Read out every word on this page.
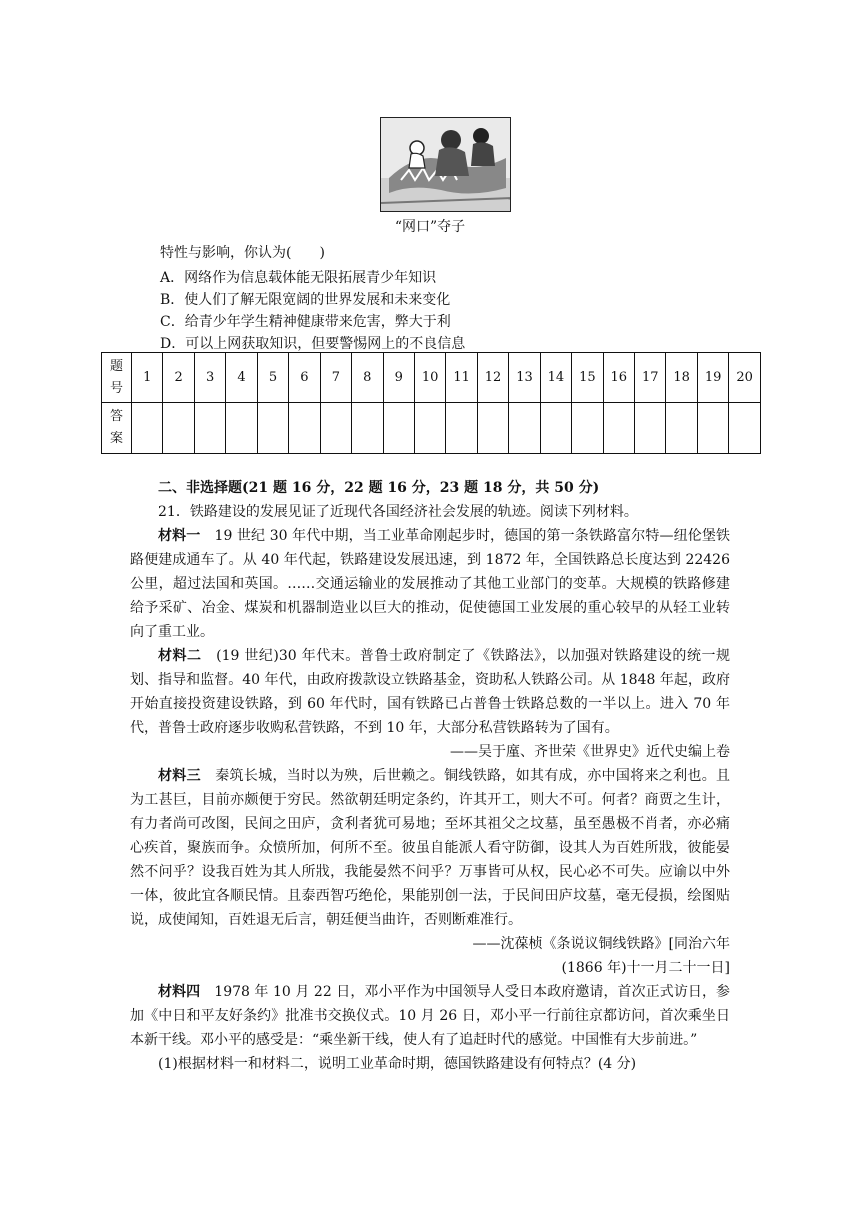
“网口”夺子
特性与影响，你认为(　　)
A．网络作为信息载体能无限拓展青少年知识
B．使人们了解无限宽阔的世界发展和未来变化
C．给青少年学生精神健康带来危害，弊大于利
D．可以上网获取知识，但要警惕网上的不良信息
题号	1	2	3	4	5	6	7	8	9	10	11	12	13	14	15	16	17	18	19	20
答案																				

二、非选择题(21 题 16 分，22 题 16 分，23 题 18 分，共 50 分)

21．铁路建设的发展见证了近现代各国经济社会发展的轨迹。阅读下列材料。

材料一　 19 世纪 30 年代中期，当工业革命刚起步时，德国的第一条铁路富尔特—纽伦堡铁路便建成通车了。从 40 年代起，铁路建设发展迅速，到 1872 年，全国铁路总长度达到 22426 公里，超过法国和英国。……交通运输业的发展推动了其他工业部门的变革。大规模的铁路修建给予采矿、冶金、煤炭和机器制造业以巨大的推动，促使德国工业发展的重心较早的从轻工业转向了重工业。

材料二　 (19 世纪)30 年代末。普鲁士政府制定了《铁路法》，以加强对铁路建设的统一规划、指导和监督。40 年代，由政府拨款设立铁路基金，资助私人铁路公司。从 1848 年起，政府开始直接投资建设铁路，到 60 年代时，国有铁路已占普鲁士铁路总数的一半以上。进入 70 年代，普鲁士政府逐步收购私营铁路，不到 10 年，大部分私营铁路转为了国有。

——吴于廑、齐世荣《世界史》近代史编上卷

材料三　 秦筑长城，当时以为殃，后世赖之。铜线铁路，如其有成，亦中国将来之利也。且为工甚巨，目前亦颇便于穷民。然欲朝廷明定条约，许其开工，则大不可。何者？商贾之生计，有力者尚可改图，民间之田庐，贪利者犹可易地；至坏其祖父之坟墓，虽至愚极不肖者，亦必痛心疾首，聚族而争。众愤所加，何所不至。彼虽自能派人看守防御，设其人为百姓所戕，彼能晏然不问乎？设我百姓为其人所戕，我能晏然不问乎？万事皆可从权，民心必不可失。应谕以中外一体，彼此宜各顺民情。且泰西智巧绝伦，果能别创一法，于民间田庐坟墓，毫无侵损，绘图贴说，成使闻知，百姓退无后言，朝廷便当曲许，否则断难准行。

——沈葆桢《条说议铜线铁路》[同治六年

(1866 年)十一月二十一日]

材料四　 1978 年 10 月 22 日，邓小平作为中国领导人受日本政府邀请，首次正式访日，参加《中日和平友好条约》批准书交换仪式。10 月 26 日，邓小平一行前往京都访问，首次乘坐日本新干线。邓小平的感受是：“乘坐新干线，使人有了追赶时代的感觉。中国惟有大步前进。”

(1)根据材料一和材料二，说明工业革命时期，德国铁路建设有何特点？(4 分)
